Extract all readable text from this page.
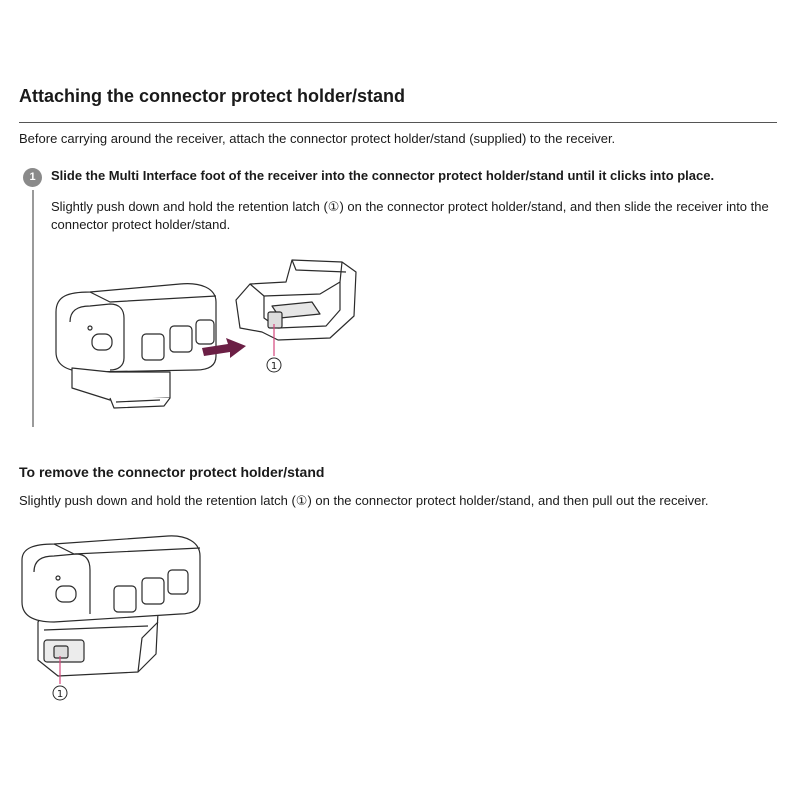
Attaching the connector protect holder/stand

Before carrying around the receiver, attach the connector protect holder/stand (supplied) to the receiver.

1	Slide the Multi Interface foot of the receiver into the connector protect holder/stand until it clicks into place.
Slightly push down and hold the retention latch (①) on the connector protect holder/stand, and then slide the receiver into the connector protect holder/stand.
1
To remove the connector protect holder/stand
Slightly push down and hold the retention latch (①) on the connector protect holder/stand, and then pull out the receiver.
1
